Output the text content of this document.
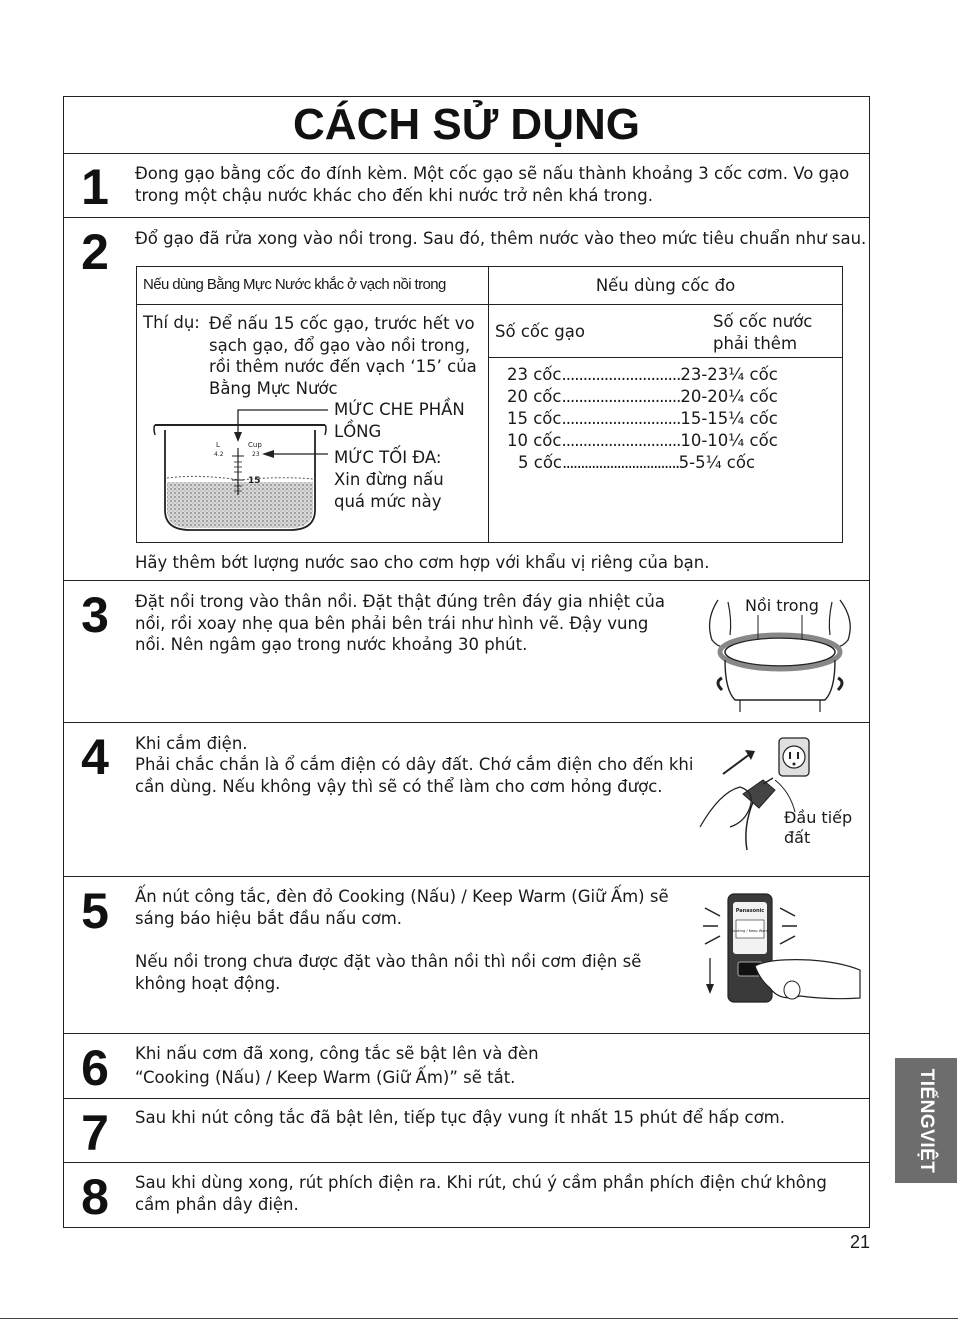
CÁCH SỬ DỤNG
1	Đong gạo bằng cốc đo đính kèm. Một cốc gạo sẽ nấu thành khoảng 3 cốc cơm. Vo gạo trong một chậu nước khác cho đến khi nước trở nên khá trong.
2	Đổ gạo đã rửa xong vào nồi trong. Sau đó, thêm nước vào theo mức tiêu chuẩn như sau.
Nếu dùng Bằng Mực Nước khắc ở vạch nồi trong	Nếu dùng cốc đo
Thí dụ: Để nấu 15 cốc gạo, trước hết vo sạch gạo, đổ gạo vào nồi trong, rồi thêm nước đến vạch ‘15’ của Bằng Mực Nước
Số cốc gạo
Số cốc nước phải thêm
23 cốc............................23-23¼ cốc
20 cốc............................20-20¼ cốc
15 cốc............................15-15¼ cốc
10 cốc............................10-10¼ cốc
5 cốc................................5-5¼ cốc
L
4.2
Cup
23
15
MỨC CHE PHẦN LỒNG
MỨC TỐI ĐA:
Xin đừng nấu quá mức này
Hãy thêm bớt lượng nước sao cho cơm hợp với khẩu vị riêng của bạn.
3	Đặt nồi trong vào thân nồi. Đặt thật đúng trên đáy gia nhiệt của nồi, rồi xoay nhẹ qua bên phải bên trái như hình vẽ. Đậy vung nồi. Nên ngâm gạo trong nước khoảng 30 phút.
Nồi trong
4	Khi cắm điện.
Phải chắc chắn là ổ cắm điện có dây đất. Chớ cắm điện cho đến khi cần dùng. Nếu không vậy thì sẽ có thể làm cho cơm hỏng được.
Đầu tiếp đất
5	Ấn nút công tắc, đèn đỏ Cooking (Nấu) / Keep Warm (Giữ Ấm) sẽ sáng báo hiệu bắt đầu nấu cơm.
Nếu nồi trong chưa được đặt vào thân nồi thì nồi cơm điện sẽ không hoạt động.
Panasonic
Cooking / Keep Warm
6	Khi nấu cơm đã xong, công tắc sẽ bật lên và đèn
“Cooking (Nấu) / Keep Warm (Giữ Ấm)” sẽ tắt.
7	Sau khi nút công tắc đã bật lên, tiếp tục đậy vung ít nhất 15 phút để hấp cơm.
8	Sau khi dùng xong, rút phích điện ra. Khi rút, chú ý cầm phần phích điện chứ không cầm phần dây điện.
TIẾNGVIỆT
21
